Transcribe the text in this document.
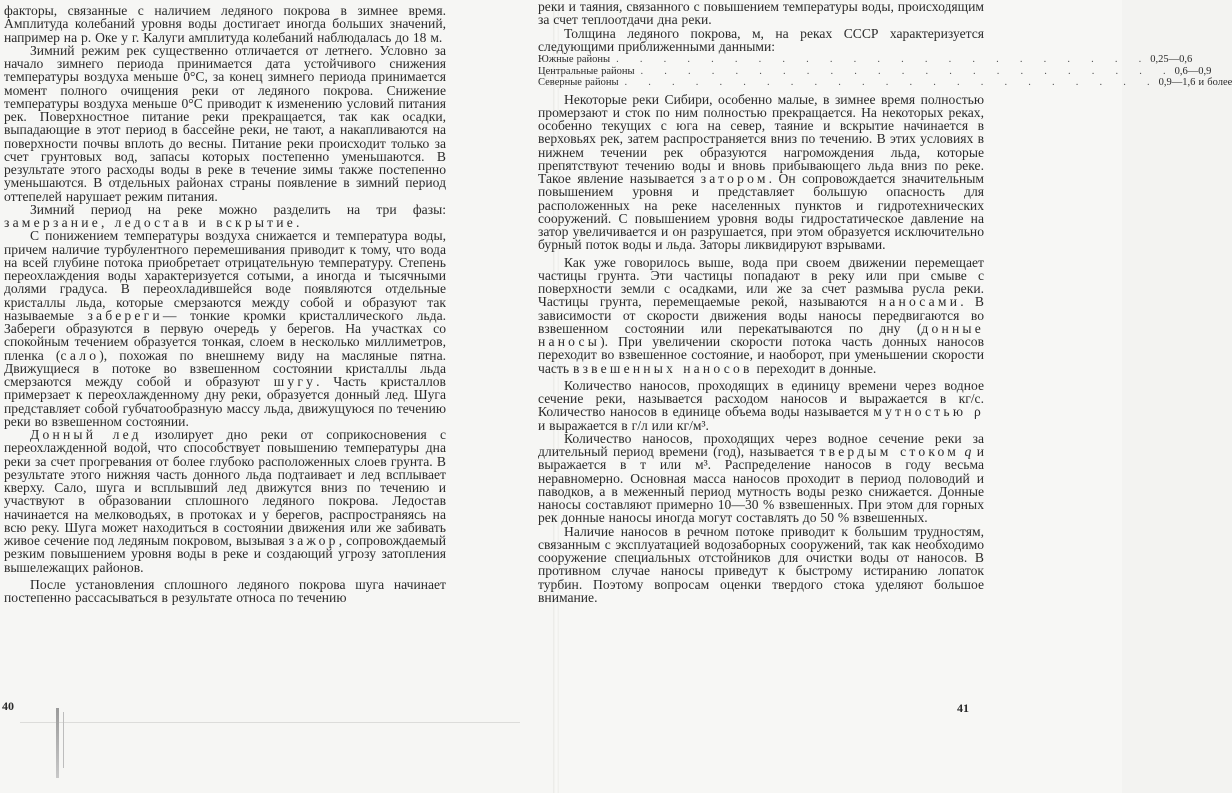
факторы, связанные с наличием ледяного покрова в зимнее время. Амплитуда колебаний уровня воды достигает иногда больших значений, например на р. Оке у г. Калуги амплитуда колебаний наблюдалась до 18 м.

Зимний режим рек существенно отличается от летнего. Условно за начало зимнего периода принимается дата устойчивого снижения температуры воздуха меньше 0°С, за конец зимнего периода принимается момент полного очищения реки от ледяного покрова. Снижение температуры воздуха меньше 0°С приводит к изменению условий питания рек. Поверхностное питание реки прекращается, так как осадки, выпадающие в этот период в бассейне реки, не тают, а накапливаются на поверхности почвы вплоть до весны. Питание реки происходит только за счет грунтовых вод, запасы которых постепенно уменьшаются. В результате этого расходы воды в реке в течение зимы также постепенно уменьшаются. В отдельных районах страны появление в зимний период оттепелей нарушает режим питания.

Зимний период на реке можно разделить на три фазы: замерзание, ледостав и вскрытие.

С понижением температуры воздуха снижается и температура воды, причем наличие турбулентного перемешивания приводит к тому, что вода на всей глубине потока приобретает отрицательную температуру. Степень переохлаждения воды характеризуется сотыми, а иногда и тысячными долями градуса. В переохладившейся воде появляются отдельные кристаллы льда, которые смерзаются между собой и образуют так называемые забереги— тонкие кромки кристаллического льда. Забереги образуются в первую очередь у берегов. На участках со спокойным течением образуется тонкая, слоем в несколько миллиметров, пленка (сало), похожая по внешнему виду на масляные пятна. Движущиеся в потоке во взвешенном состоянии кристаллы льда смерзаются между собой и образуют шугу. Часть кристаллов примерзает к переохлажденному дну реки, образуется донный лед. Шуга представляет собой губчатообразную массу льда, движущуюся по течению реки во взвешенном состоянии.

Донный лед изолирует дно реки от соприкосновения с переохлажденной водой, что способствует повышению температуры дна реки за счет прогревания от более глубоко расположенных слоев грунта. В результате этого нижняя часть донного льда подтаивает и лед всплывает кверху. Сало, шуга и всплывший лед движутся вниз по течению и участвуют в образовании сплошного ледяного покрова. Ледостав начинается на мелководьях, в протоках и у берегов, распространяясь на всю реку. Шуга может находиться в состоянии движения или же забивать живое сечение под ледяным покровом, вызывая зажор, сопровождаемый резким повышением уровня воды в реке и создающий угрозу затопления вышележащих районов.

После установления сплошного ледяного покрова шуга начинает постепенно рассасываться в результате относа по течению

40

реки и таяния, связанного с повышением температуры воды, происходящим за счет теплоотдачи дна реки.

Толщина ледяного покрова, м, на реках СССР характеризуется следующими приближенными данными:

Южные районы . . . . . . . . . . . . . . . . . . . . . . . 0,25—0,6
Центральные районы . . . . . . . . . . . . . . . . . . . . . . . 0,6—0,9
Северные районы . . . . . . . . . . . . . . . . . . . . . . . 0,9—1,6 и более

Некоторые реки Сибири, особенно малые, в зимнее время полностью промерзают и сток по ним полностью прекращается. На некоторых реках, особенно текущих с юга на север, таяние и вскрытие начинается в верховьях рек, затем распространяется вниз по течению. В этих условиях в нижнем течении рек образуются нагромождения льда, которые препятствуют течению воды и вновь прибывающего льда вниз по реке. Такое явление называется затором. Он сопровождается значительным повышением уровня и представляет большую опасность для расположенных на реке населенных пунктов и гидротехнических сооружений. С повышением уровня воды гидростатическое давление на затор увеличивается и он разрушается, при этом образуется исключительно бурный поток воды и льда. Заторы ликвидируют взрывами.

Как уже говорилось выше, вода при своем движении перемещает частицы грунта. Эти частицы попадают в реку или при смыве с поверхности земли с осадками, или же за счет размыва русла реки. Частицы грунта, перемещаемые рекой, называются наносами. В зависимости от скорости движения воды наносы передвигаются во взвешенном состоянии или перекатываются по дну (донные наносы). При увеличении скорости потока часть донных наносов переходит во взвешенное состояние, и наоборот, при уменьшении скорости часть взвешенных наносов переходит в донные.

Количество наносов, проходящих в единицу времени через водное сечение реки, называется расходом наносов и выражается в кг/с. Количество наносов в единице объема воды называется мутностью ρ и выражается в г/л или кг/м³.

Количество наносов, проходящих через водное сечение реки за длительный период времени (год), называется твердым стоком q и выражается в т или м³. Распределение наносов в году весьма неравномерно. Основная масса наносов проходит в период половодий и паводков, а в меженный период мутность воды резко снижается. Донные наносы составляют примерно 10—30 % взвешенных. При этом для горных рек донные наносы иногда могут составлять до 50 % взвешенных.

Наличие наносов в речном потоке приводит к большим трудностям, связанным с эксплуатацией водозаборных сооружений, так как необходимо сооружение специальных отстойников для очистки воды от наносов. В противном случае наносы приведут к быстрому истиранию лопаток турбин. Поэтому вопросам оценки твердого стока уделяют большое внимание.

41
